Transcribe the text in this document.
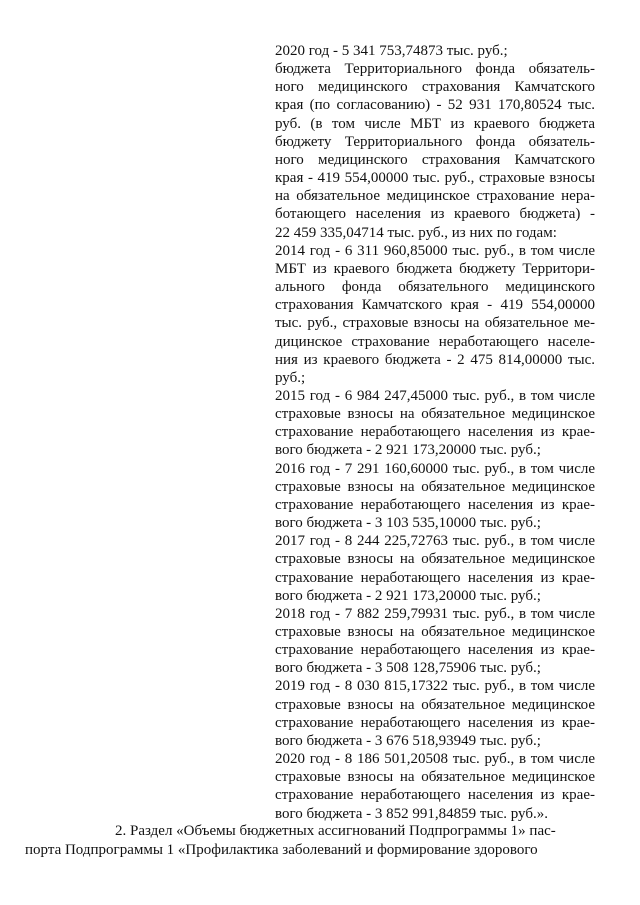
2020 год - 5 341 753,74873 тыс. руб.;
бюджета Территориального фонда обязатель-
ного медицинского страхования Камчатского
края (по согласованию) - 52 931 170,80524 тыс.
руб. (в том числе МБТ из краевого бюджета
бюджету Территориального фонда обязатель-
ного медицинского страхования Камчатского
края - 419 554,00000 тыс. руб., страховые взносы
на обязательное медицинское страхование нера-
ботающего населения из краевого бюджета) -
22 459 335,04714 тыс. руб., из них по годам:
2014 год - 6 311 960,85000 тыс. руб., в том числе
МБТ из краевого бюджета бюджету Территори-
ального фонда обязательного медицинского
страхования Камчатского края - 419 554,00000
тыс. руб., страховые взносы на обязательное ме-
дицинское страхование неработающего населе-
ния из краевого бюджета - 2 475 814,00000 тыс.
руб.;
2015 год - 6 984 247,45000 тыс. руб., в том числе
страховые взносы на обязательное медицинское
страхование неработающего населения из крае-
вого бюджета - 2 921 173,20000 тыс. руб.;
2016 год - 7 291 160,60000 тыс. руб., в том числе
страховые взносы на обязательное медицинское
страхование неработающего населения из крае-
вого бюджета - 3 103 535,10000 тыс. руб.;
2017 год - 8 244 225,72763 тыс. руб., в том числе
страховые взносы на обязательное медицинское
страхование неработающего населения из крае-
вого бюджета - 2 921 173,20000 тыс. руб.;
2018 год - 7 882 259,79931 тыс. руб., в том числе
страховые взносы на обязательное медицинское
страхование неработающего населения из крае-
вого бюджета - 3 508 128,75906 тыс. руб.;
2019 год - 8 030 815,17322 тыс. руб., в том числе
страховые взносы на обязательное медицинское
страхование неработающего населения из крае-
вого бюджета - 3 676 518,93949 тыс. руб.;
2020 год - 8 186 501,20508 тыс. руб., в том числе
страховые взносы на обязательное медицинское
страхование неработающего населения из крае-
вого бюджета - 3 852 991,84859 тыс. руб.».
2. Раздел «Объемы бюджетных ассигнований Подпрограммы 1» пас-
порта Подпрограммы 1 «Профилактика заболеваний и формирование здорового
